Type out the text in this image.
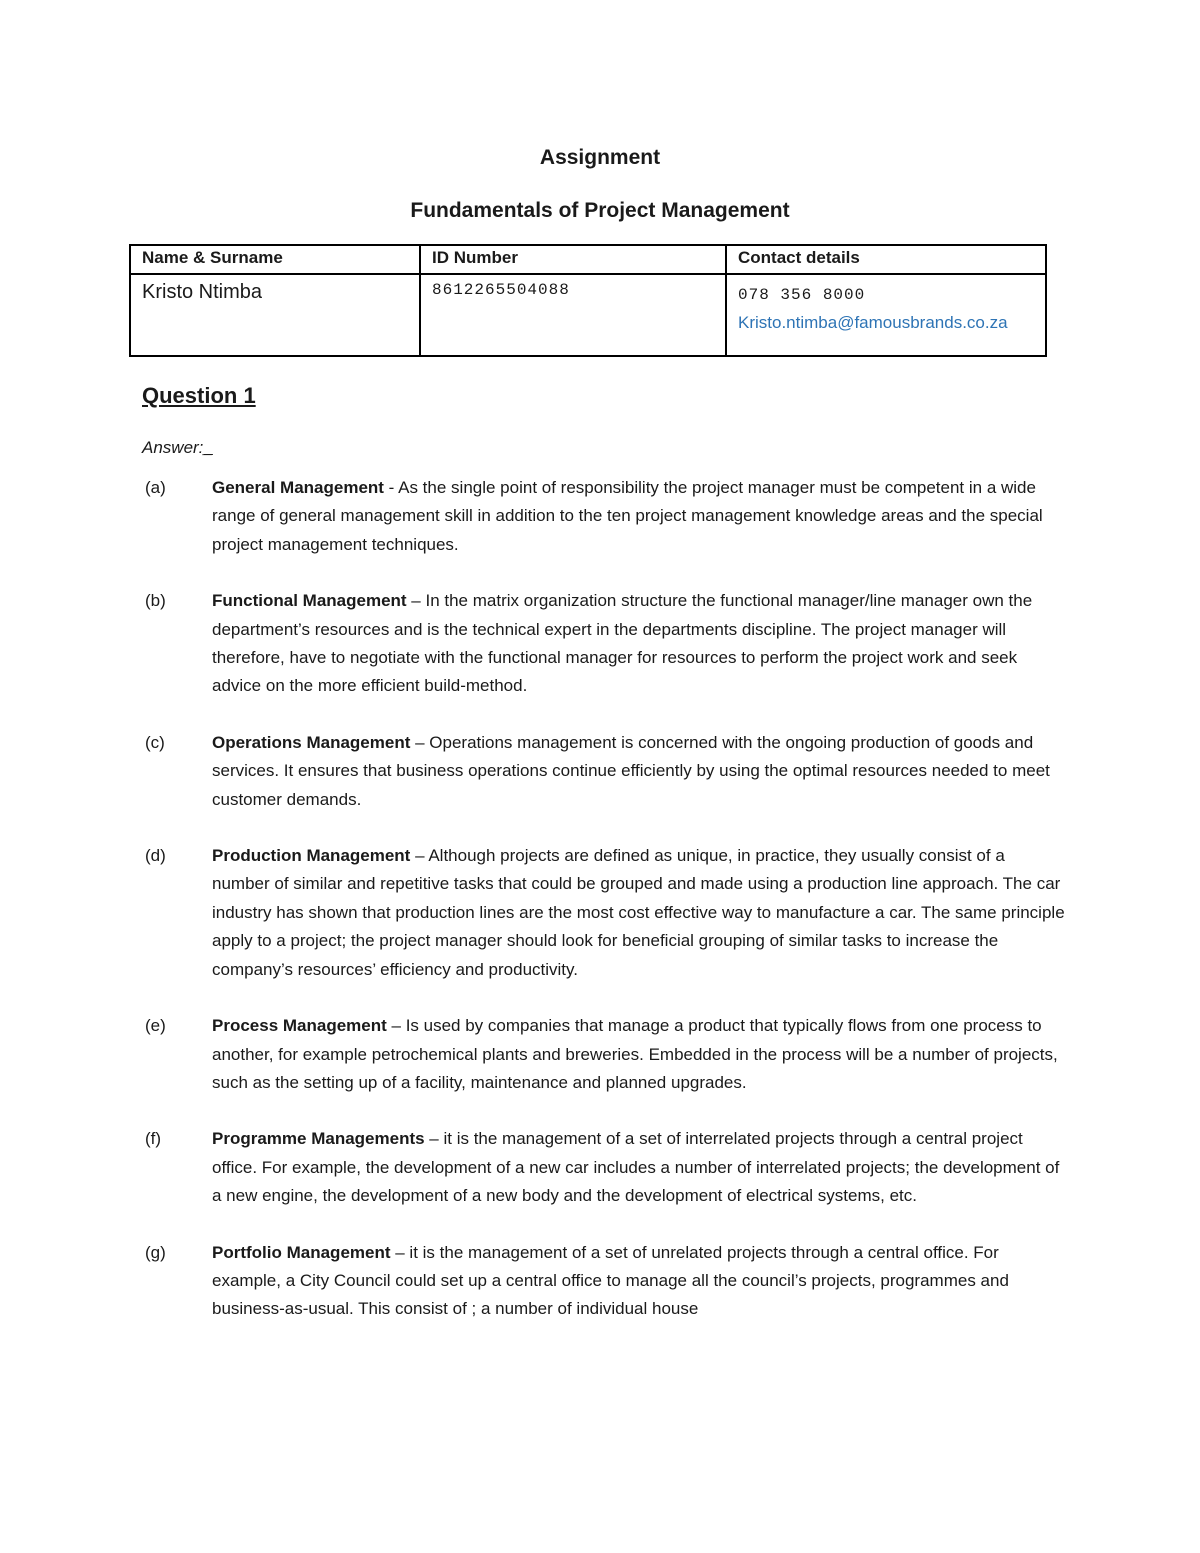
Assignment
Fundamentals of Project Management
Name & Surname	ID Number	Contact details
Kristo Ntimba	8612265504088	078 356 8000
Kristo.ntimba@famousbrands.co.za
Question 1

Answer:_

(a)	General Management - As the single point of responsibility the project manager must be competent in a wide range of general management skill in addition to the ten project management knowledge areas and the special project management techniques.
(b)	Functional Management – In the matrix organization structure the functional manager/line manager own the department’s resources and is the technical expert in the departments discipline. The project manager will therefore, have to negotiate with the functional manager for resources to perform the project work and seek advice on the more efficient build-method.
(c)	Operations Management – Operations management is concerned with the ongoing production of goods and services. It ensures that business operations continue efficiently by using the optimal resources needed to meet customer demands.
(d)	Production Management – Although projects are defined as unique, in practice, they usually consist of a number of similar and repetitive tasks that could be grouped and made using a production line approach. The car industry has shown that production lines are the most cost effective way to manufacture a car. The same principle apply to a project; the project manager should look for beneficial grouping of similar tasks to increase the company’s resources’ efficiency and productivity.
(e)	Process Management – Is used by companies that manage a product that typically flows from one process to another, for example petrochemical plants and breweries. Embedded in the process will be a number of projects, such as the setting up of a facility, maintenance and planned upgrades.
(f)	Programme Managements – it is the management of a set of interrelated projects through a central project office. For example, the development of a new car includes a number of interrelated projects; the development of a new engine, the development of a new body and the development of electrical systems, etc.
(g)	Portfolio Management – it is the management of a set of unrelated projects through a central office. For example, a City Council could set up a central office to manage all the council’s projects, programmes and business-as-usual. This consist of ; a number of individual house
